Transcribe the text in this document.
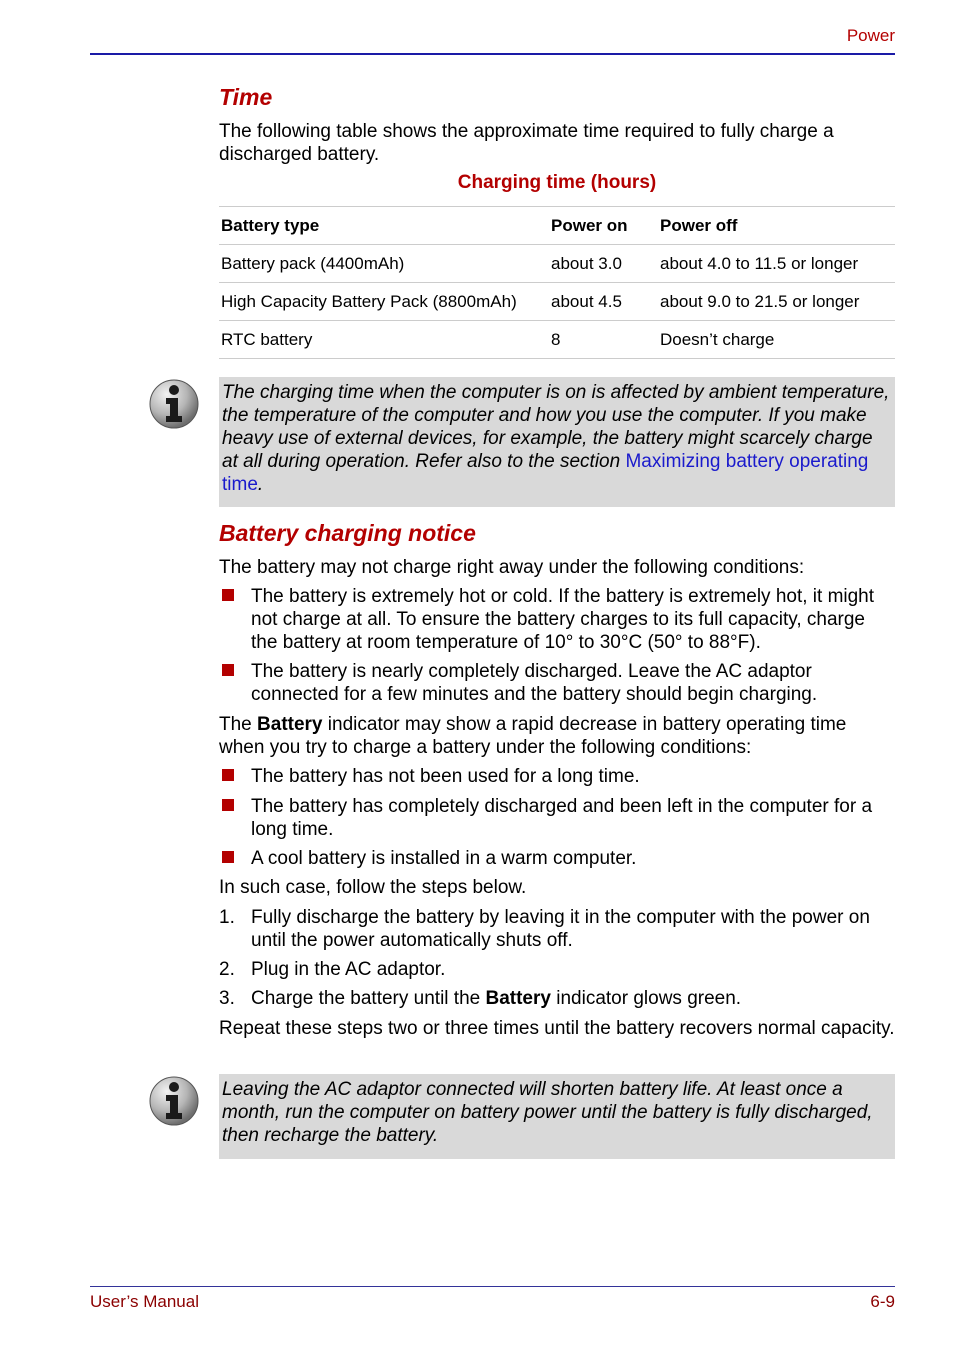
Power
Time

The following table shows the approximate time required to fully charge a discharged battery.

Charging time (hours)
Battery type	Power on	Power off
Battery pack (4400mAh)	about 3.0	about 4.0 to 11.5 or longer
High Capacity Battery Pack (8800mAh)	about 4.5	about 9.0 to 21.5 or longer
RTC battery	8	Doesn’t charge
The charging time when the computer is on is affected by ambient temperature, the temperature of the computer and how you use the computer. If you make heavy use of external devices, for example, the battery might scarcely charge at all during operation. Refer also to the section Maximizing battery operating time.
Battery charging notice

The battery may not charge right away under the following conditions:

The battery is extremely hot or cold. If the battery is extremely hot, it might not charge at all. To ensure the battery charges to its full capacity, charge the battery at room temperature of 10° to 30°C (50° to 88°F).
The battery is nearly completely discharged. Leave the AC adaptor connected for a few minutes and the battery should begin charging.

The Battery indicator may show a rapid decrease in battery operating time when you try to charge a battery under the following conditions:

The battery has not been used for a long time.
The battery has completely discharged and been left in the computer for a long time.
A cool battery is installed in a warm computer.

In such case, follow the steps below.

1. Fully discharge the battery by leaving it in the computer with the power on until the power automatically shuts off.
2. Plug in the AC adaptor.
3. Charge the battery until the Battery indicator glows green.

Repeat these steps two or three times until the battery recovers normal capacity.

Leaving the AC adaptor connected will shorten battery life. At least once a month, run the computer on battery power until the battery is fully discharged, then recharge the battery.
User’s Manual	6-9
